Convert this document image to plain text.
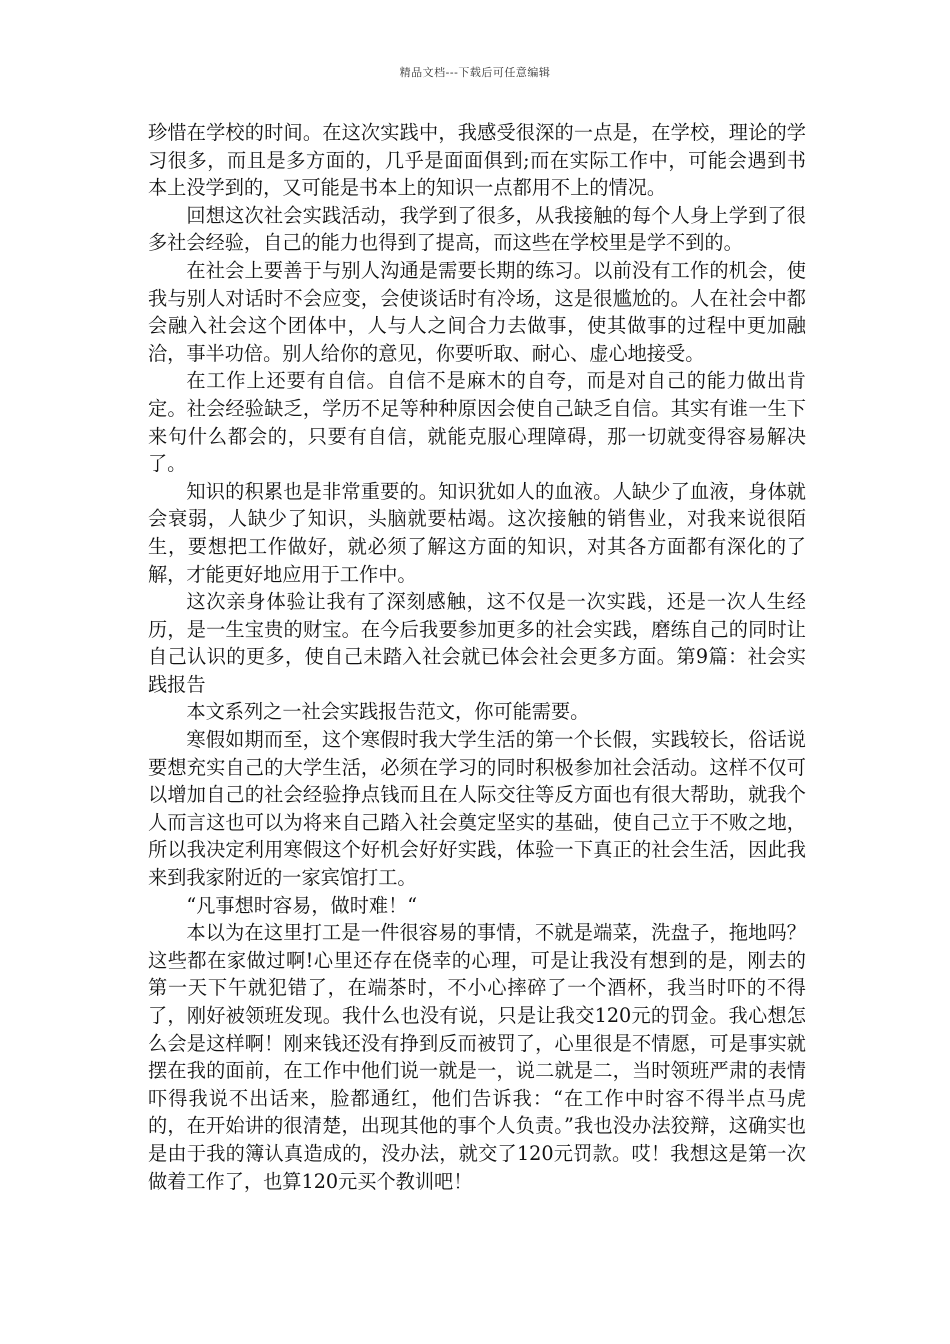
精品文档---下载后可任意编辑

珍惜在学校的时间。在这次实践中，我感受很深的一点是，在学校，理论的学习很多，而且是多方面的，几乎是面面俱到;而在实际工作中，可能会遇到书本上没学到的，又可能是书本上的知识一点都用不上的情况。

回想这次社会实践活动，我学到了很多，从我接触的每个人身上学到了很多社会经验，自己的能力也得到了提高，而这些在学校里是学不到的。

在社会上要善于与别人沟通是需要长期的练习。以前没有工作的机会，使我与别人对话时不会应变，会使谈话时有冷场，这是很尴尬的。人在社会中都会融入社会这个团体中，人与人之间合力去做事，使其做事的过程中更加融洽，事半功倍。别人给你的意见，你要听取、耐心、虚心地接受。

在工作上还要有自信。自信不是麻木的自夸，而是对自己的能力做出肯定。社会经验缺乏，学历不足等种种原因会使自己缺乏自信。其实有谁一生下来句什么都会的，只要有自信，就能克服心理障碍，那一切就变得容易解决了。

知识的积累也是非常重要的。知识犹如人的血液。人缺少了血液，身体就会衰弱，人缺少了知识，头脑就要枯竭。这次接触的销售业，对我来说很陌生，要想把工作做好，就必须了解这方面的知识，对其各方面都有深化的了解，才能更好地应用于工作中。

这次亲身体验让我有了深刻感触，这不仅是一次实践，还是一次人生经历，是一生宝贵的财宝。在今后我要参加更多的社会实践，磨练自己的同时让自己认识的更多，使自己未踏入社会就已体会社会更多方面。第9篇：社会实践报告

本文系列之一社会实践报告范文，你可能需要。

寒假如期而至，这个寒假时我大学生活的第一个长假，实践较长，俗话说要想充实自己的大学生活，必须在学习的同时积极参加社会活动。这样不仅可以增加自己的社会经验挣点钱而且在人际交往等反方面也有很大帮助，就我个人而言这也可以为将来自己踏入社会奠定坚实的基础，使自己立于不败之地，所以我决定利用寒假这个好机会好好实践，体验一下真正的社会生活，因此我来到我家附近的一家宾馆打工。

“凡事想时容易，做时难！“

本以为在这里打工是一件很容易的事情，不就是端菜，洗盘子，拖地吗？这些都在家做过啊!心里还存在侥幸的心理，可是让我没有想到的是，刚去的第一天下午就犯错了，在端茶时，不小心摔碎了一个酒杯，我当时吓的不得了，刚好被领班发现。我什么也没有说，只是让我交120元的罚金。我心想怎么会是这样啊！刚来钱还没有挣到反而被罚了，心里很是不情愿，可是事实就摆在我的面前，在工作中他们说一就是一，说二就是二，当时领班严肃的表情吓得我说不出话来，脸都通红，他们告诉我：“在工作中时容不得半点马虎的，在开始讲的很清楚，出现其他的事个人负责。”我也没办法狡辩，这确实也是由于我的簿认真造成的，没办法，就交了120元罚款。哎！我想这是第一次做着工作了，也算120元买个教训吧！
